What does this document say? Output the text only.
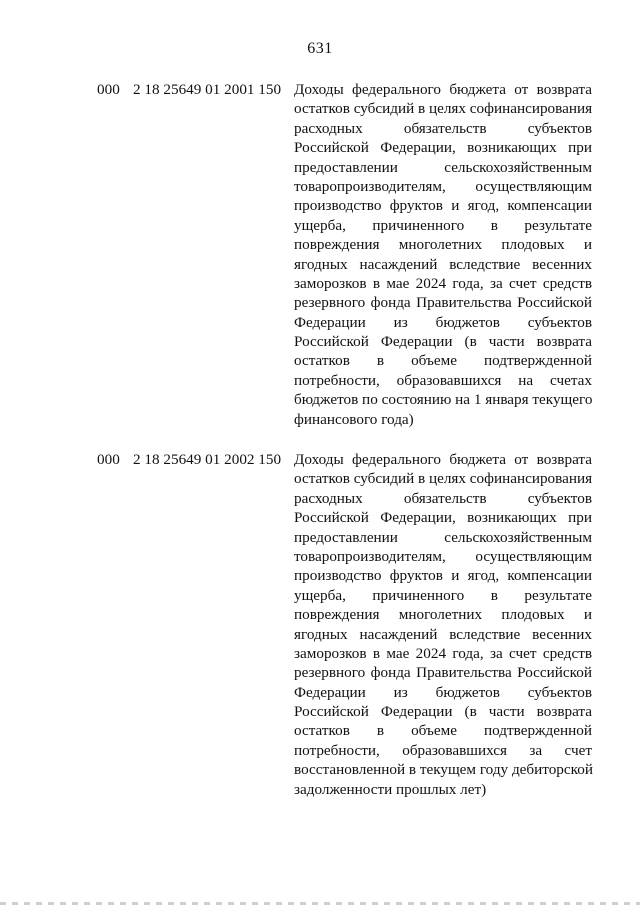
631
000 2 18 25649 01 2001 150 Доходы федерального бюджета от возврата
остатков субсидий в целях софинансирования
расходных обязательств субъектов
Российской Федерации, возникающих при
предоставлении сельскохозяйственным
товаропроизводителям, осуществляющим
производство фруктов и ягод, компенсации
ущерба, причиненного в результате
повреждения многолетних плодовых и
ягодных насаждений вследствие весенних
заморозков в мае 2024 года, за счет средств
резервного фонда Правительства Российской
Федерации из бюджетов субъектов
Российской Федерации (в части возврата
остатков в объеме подтвержденной
потребности, образовавшихся на счетах
бюджетов по состоянию на 1 января текущего
финансового года)
000 2 18 25649 01 2002 150 Доходы федерального бюджета от возврата
остатков субсидий в целях софинансирования
расходных обязательств субъектов
Российской Федерации, возникающих при
предоставлении сельскохозяйственным
товаропроизводителям, осуществляющим
производство фруктов и ягод, компенсации
ущерба, причиненного в результате
повреждения многолетних плодовых и
ягодных насаждений вследствие весенних
заморозков в мае 2024 года, за счет средств
резервного фонда Правительства Российской
Федерации из бюджетов субъектов
Российской Федерации (в части возврата
остатков в объеме подтвержденной
потребности, образовавшихся за счет
восстановленной в текущем году дебиторской
задолженности прошлых лет)
